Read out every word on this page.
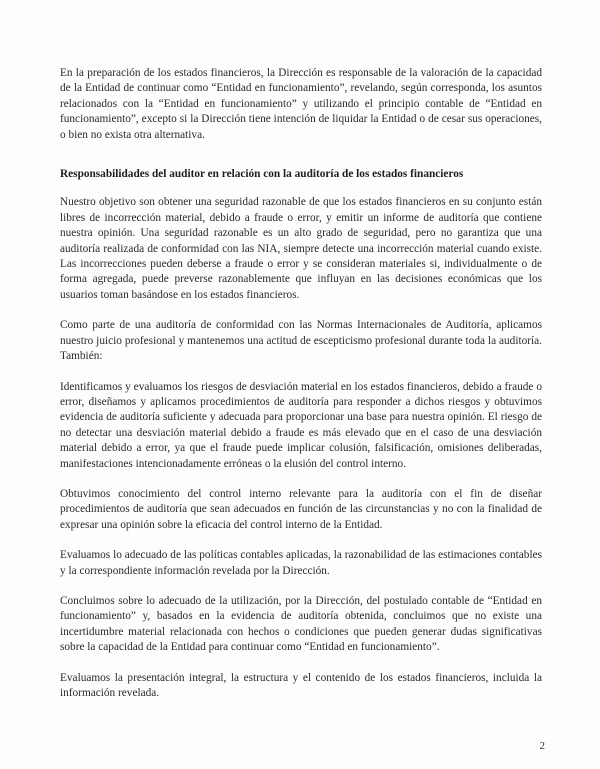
En la preparación de los estados financieros, la Dirección es responsable de la valoración de la capacidad de la Entidad de continuar como “Entidad en funcionamiento”, revelando, según corresponda, los asuntos relacionados con la “Entidad en funcionamiento” y utilizando el principio contable de “Entidad en funcionamiento”, excepto si la Dirección tiene intención de liquidar la Entidad o de cesar sus operaciones, o bien no exista otra alternativa.

Responsabilidades del auditor en relación con la auditoría de los estados financieros

Nuestro objetivo son obtener una seguridad razonable de que los estados financieros en su conjunto están libres de incorrección material, debido a fraude o error, y emitir un informe de auditoría que contiene nuestra opinión. Una seguridad razonable es un alto grado de seguridad, pero no garantiza que una auditoría realizada de conformidad con las NIA, siempre detecte una incorrección material cuando existe. Las incorrecciones pueden deberse a fraude o error y se consideran materiales si, individualmente o de forma agregada, puede preverse razonablemente que influyan en las decisiones económicas que los usuarios toman basándose en los estados financieros.

Como parte de una auditoría de conformidad con las Normas Internacionales de Auditoría, aplicamos nuestro juicio profesional y mantenemos una actitud de escepticismo profesional durante toda la auditoría. También:

Identificamos y evaluamos los riesgos de desviación material en los estados financieros, debido a fraude o error, diseñamos y aplicamos procedimientos de auditoría para responder a dichos riesgos y obtuvimos evidencia de auditoría suficiente y adecuada para proporcionar una base para nuestra opinión. El riesgo de no detectar una desviación material debido a fraude es más elevado que en el caso de una desviación material debido a error, ya que el fraude puede implicar colusión, falsificación, omisiones deliberadas, manifestaciones intencionadamente erróneas o la elusión del control interno.

Obtuvimos conocimiento del control interno relevante para la auditoría con el fin de diseñar procedimientos de auditoría que sean adecuados en función de las circunstancias y no con la finalidad de expresar una opinión sobre la eficacia del control interno de la Entidad.

Evaluamos lo adecuado de las políticas contables aplicadas, la razonabilidad de las estimaciones contables y la correspondiente información revelada por la Dirección.

Concluimos sobre lo adecuado de la utilización, por la Dirección, del postulado contable de “Entidad en funcionamiento” y, basados en la evidencia de auditoría obtenida, concluimos que no existe una incertidumbre material relacionada con hechos o condiciones que pueden generar dudas significativas sobre la capacidad de la Entidad para continuar como “Entidad en funcionamiento”.

Evaluamos la presentación integral, la estructura y el contenido de los estados financieros, incluida la información revelada.

2
